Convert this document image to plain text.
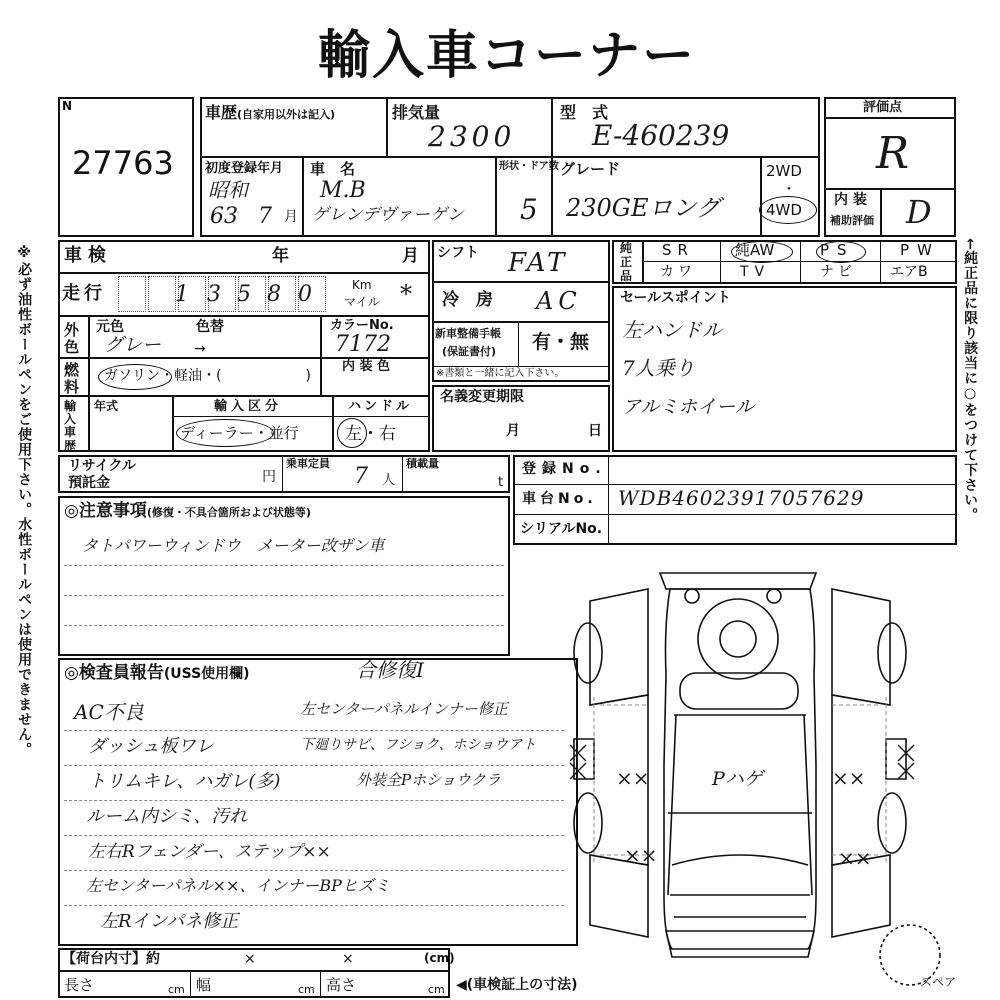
輸入車コーナー
※必ず油性ボールペンをご使用下さい。水性ボールペンは使用できません。	←純正品に限り該当に○をつけて下さい。
N
27763
車歴(自家用以外は記入)	排気量
2300
型　式
E-460239
初度登録年月
昭和
63 7 月
車　名
M.B
ゲレンデヴァーゲン
形状・ドア数
5
グレード
230GEロング
2WD
・
4WD
評価点
R
内 装
補助評価 D
車検	年	月
走行	1 3 5 8 0	Km
マイル *
外色
元色	色替
グレー →
カラーNo.
7172
燃料
ガソリン・軽油・(　　　　　　)
内 装 色
輸入車歴
年式	輸入区分
ディーラー・並行
ハンドル
左・右
シフト FAT
冷　房 AC
新車整備手帳
(保証書付) 有・無
※書類と一緒に記入下さい。
名義変更期限
月	日
純正品
SR	純AW	PS	PW
カワ	TV	ナビ エアB
セールスポイント
左ハンドル
7人乗り
アルミホイール
リサイクル
預託金	円
乗車定員
7 人
積載量
t
登録No.
車台No. WDB46023917057629
シリアルNo.
◎注意事項(修復・不具合箇所および状態等)
タトパワーウィンドウ　メーター改ザン車
◎検査員報告(USS使用欄)	合修復Ⅰ
AC不良
ダッシュ板ワレ
トリムキレ、ハガレ(多)
ルーム内シミ、汚れ
左右Rフェンダー、ステップ××
左センターパネル××、インナーBPヒズミ
左Rインパネ修正
左センターパネルインナー修正
下廻りサビ、フショク、ホショウアト
外装全Pホショウクラ	××	××
××	××
Pハゲ
スペア
【荷台内寸】約	×	×	(cm)
長さ	cm 幅	cm 高さ	cm ◀(車検証上の寸法)
